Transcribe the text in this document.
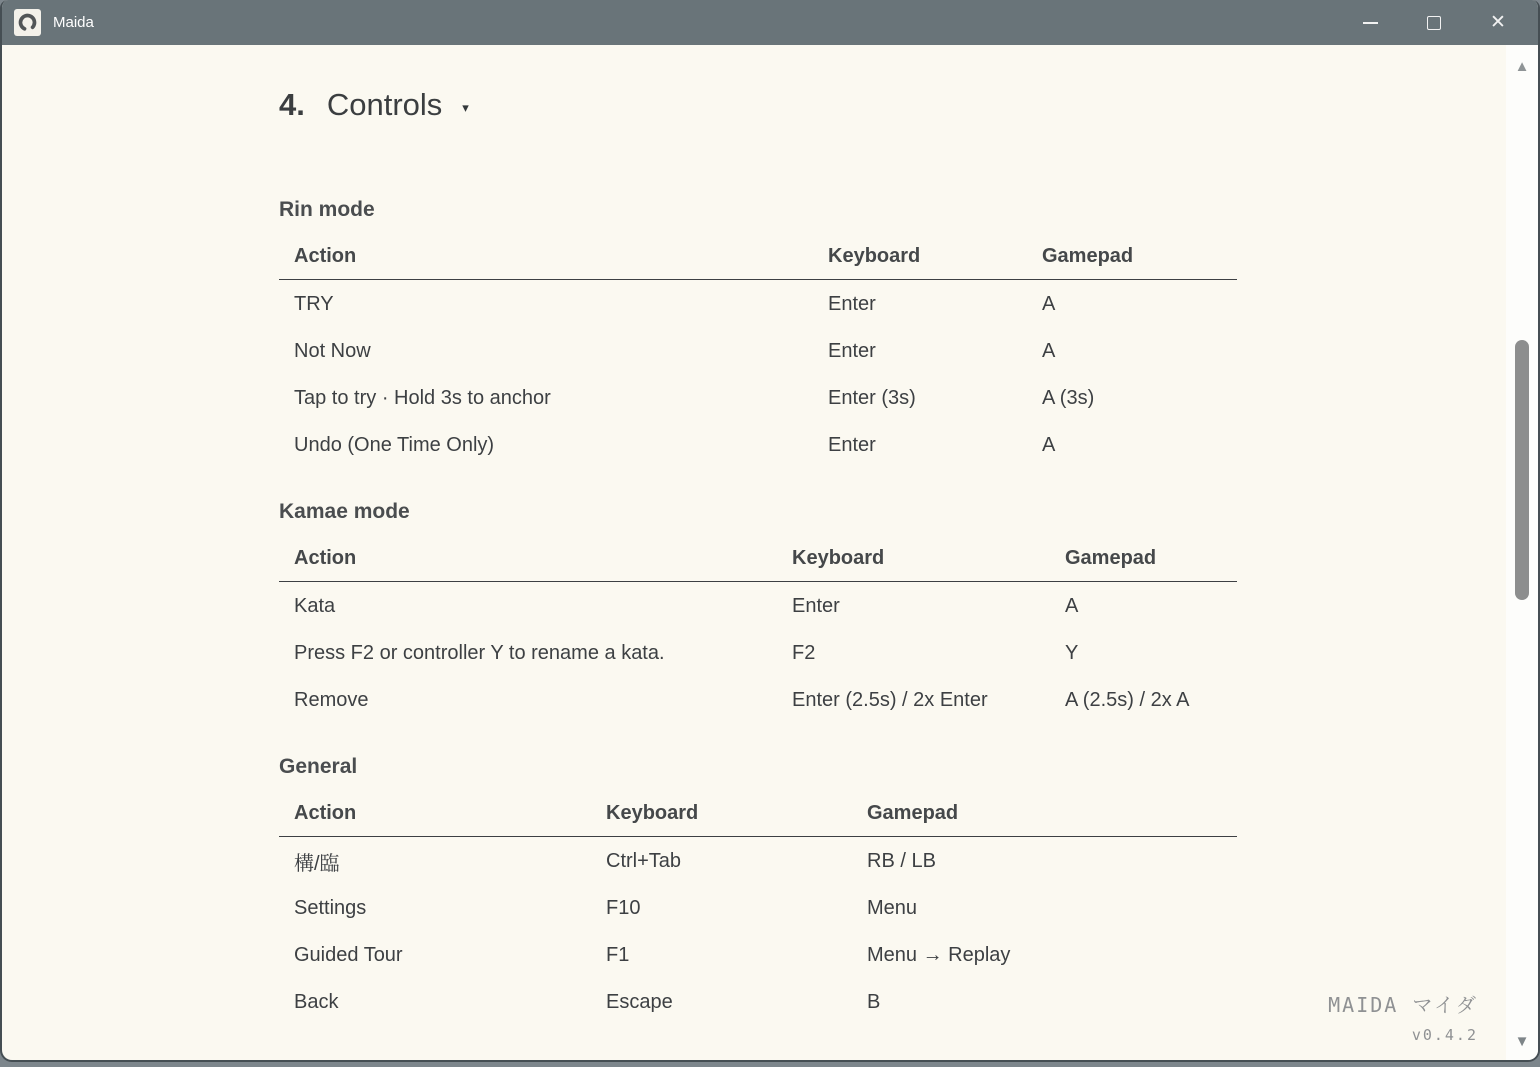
Maida	✕
4. Controls ▾
Rin mode
Action	Keyboard	Gamepad
TRY	Enter	A
Not Now	Enter	A
Tap to try · Hold 3s to anchor	Enter (3s)	A (3s)
Undo (One Time Only)	Enter	A
Kamae mode
Action	Keyboard	Gamepad
Kata	Enter	A
Press F2 or controller Y to rename a kata.	F2	Y
Remove	Enter (2.5s) / 2x Enter	A (2.5s) / 2x A
General
Action	Keyboard	Gamepad
構/臨	Ctrl+Tab	RB / LB
Settings	F10	Menu
Guided Tour	F1	Menu → Replay
Back	Escape	B	MAIDA マイダ
v0.4.2
▲
▼
